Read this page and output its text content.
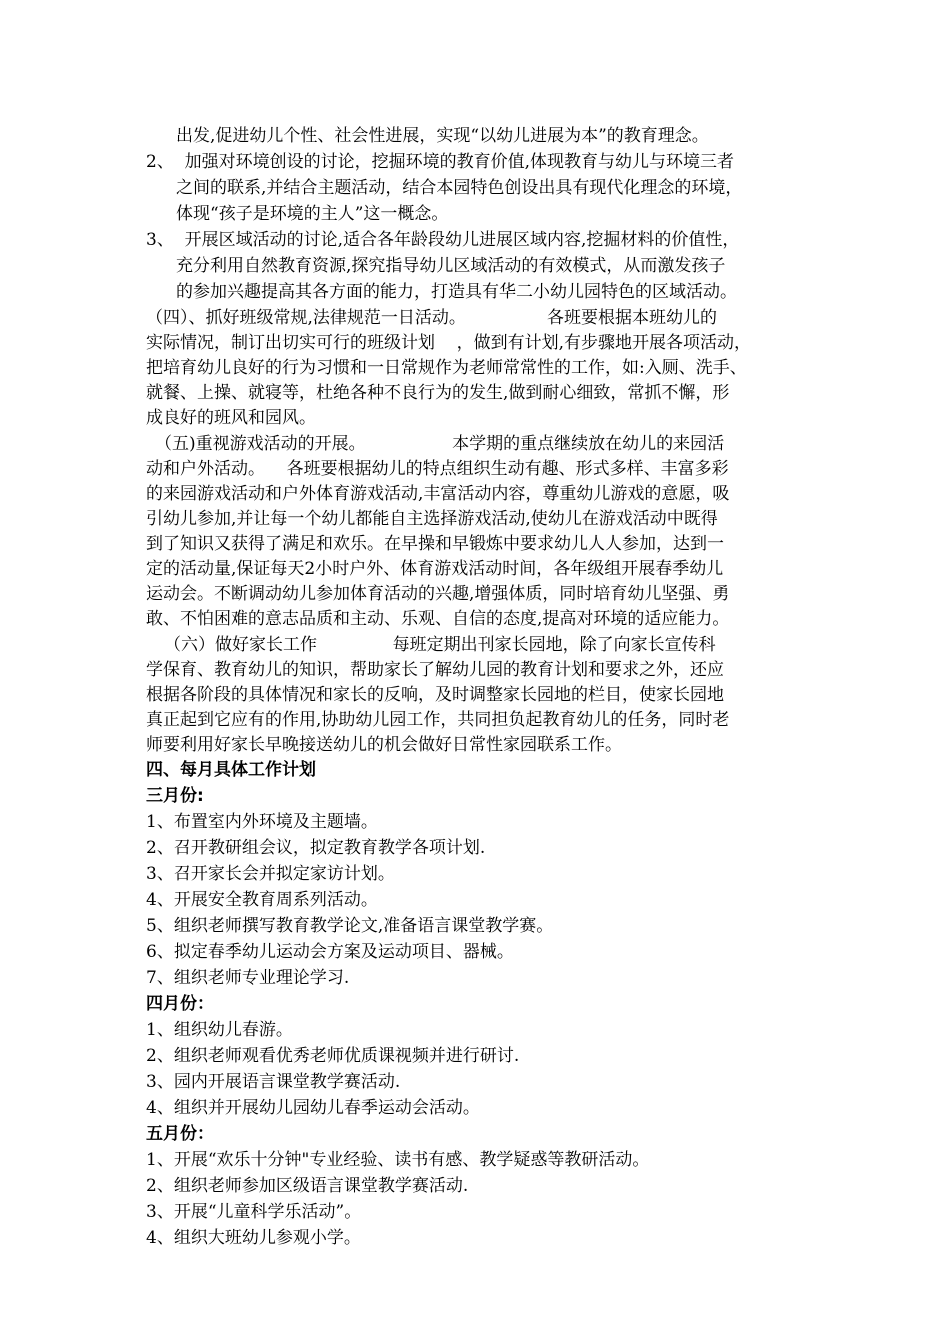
出发,促进幼儿个性、社会性进展，实现“以幼儿进展为本”的教育理念。
2、  加强对环境创设的讨论，挖掘环境的教育价值,体现教育与幼儿与环境三者
之间的联系,并结合主题活动，结合本园特色创设出具有现代化理念的环境，
体现“孩子是环境的主人”这一概念。
3、  开展区域活动的讨论,适合各年龄段幼儿进展区域内容,挖掘材料的价值性，
充分利用自然教育资源,探究指导幼儿区域活动的有效模式，从而激发孩子
的参加兴趣提高其各方面的能力，打造具有华二小幼儿园特色的区域活动。
（四）、抓好班级常规,法律规范一日活动。               各班要根据本班幼儿的
实际情况，制订出切实可行的班级计划    ，做到有计划,有步骤地开展各项活动，
把培育幼儿良好的行为习惯和一日常规作为老师常常性的工作，如:入厕、洗手、
就餐、上操、就寝等，杜绝各种不良行为的发生,做到耐心细致，常抓不懈，形
成良好的班风和园风。
（五)重视游戏活动的开展。                本学期的重点继续放在幼儿的来园活
动和户外活动。    各班要根据幼儿的特点组织生动有趣、形式多样、丰富多彩
的来园游戏活动和户外体育游戏活动,丰富活动内容，尊重幼儿游戏的意愿，吸
引幼儿参加,并让每一个幼儿都能自主选择游戏活动,使幼儿在游戏活动中既得
到了知识又获得了满足和欢乐。在早操和早锻炼中要求幼儿人人参加，达到一
定的活动量,保证每天2小时户外、体育游戏活动时间，各年级组开展春季幼儿
运动会。不断调动幼儿参加体育活动的兴趣,增强体质，同时培育幼儿坚强、勇
敢、不怕困难的意志品质和主动、乐观、自信的态度,提高对环境的适应能力。
（六）做好家长工作              每班定期出刊家长园地，除了向家长宣传科
学保育、教育幼儿的知识，帮助家长了解幼儿园的教育计划和要求之外，还应
根据各阶段的具体情况和家长的反响，及时调整家长园地的栏目，使家长园地
真正起到它应有的作用,协助幼儿园工作，共同担负起教育幼儿的任务，同时老
师要利用好家长早晚接送幼儿的机会做好日常性家园联系工作。
四、每月具体工作计划
三月份:
1、布置室内外环境及主题墙。
2、召开教研组会议，拟定教育教学各项计划.
3、召开家长会并拟定家访计划。
4、开展安全教育周系列活动。
5、组织老师撰写教育教学论文,准备语言课堂教学赛。
6、拟定春季幼儿运动会方案及运动项目、器械。
7、组织老师专业理论学习.
四月份：
1、组织幼儿春游。
2、组织老师观看优秀老师优质课视频并进行研讨.
3、园内开展语言课堂教学赛活动.
4、组织并开展幼儿园幼儿春季运动会活动。
五月份：
1、开展“欢乐十分钟"专业经验、读书有感、教学疑惑等教研活动。
2、组织老师参加区级语言课堂教学赛活动.
3、开展“儿童科学乐活动”。
4、组织大班幼儿参观小学。
